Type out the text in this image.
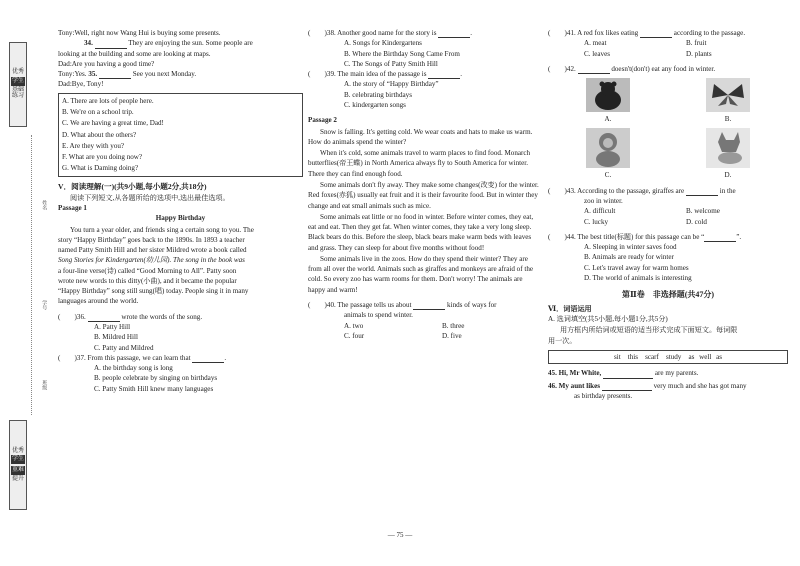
优秀
学生
基础
练习
姓名
学号
班级
优秀
学生
重难
提升

Tony:Well, right now Wang Hui is buying some presents.

34.	They are enjoying the sun. Some people are

looking at the building and some are looking at maps.

Dad:Are you having a good time?

Tony:Yes. 35.	See you next Monday.

Dad:Bye, Tony!

A. There are lots of people here.

B. We're on a school trip.

C. We are having a great time, Dad!

D. What about the others?

E. Are they with you?

F. What are you doing now?

G. What is Daming doing?

V．阅读理解(一)(共9小题,每小题2分,共18分)

阅读下列短文,从各题所给的选项中,选出最佳选项。

Passage 1

Happy Birthday

You turn a year older, and friends sing a certain song to you. The

story “Happy Birthday” goes back to the 1890s. In 1893 a teacher

named Patty Smith Hill and her sister Mildred wrote a book called

Song Stories for Kindergarten(幼儿园). The song in the book was

a four-line verse(诗) called “Good Morning to All”. Patty soon

wrote new words to this ditty(小曲), and it became the popular

“Happy Birthday” song still sung(唱) today. People sing it in many

languages around the world.

(　　)36.	wrote the words of the song.

A. Patty Hill

B. Mildred Hill

C. Patty and Mildred

(　　)37. From this passage, we can learn that	.

A. the birthday song is long

B. people celebrate by singing on birthdays

C. Patty Smith Hill knew many languages

(　　)38. Another good name for the story is	.

A. Songs for Kindergartens

B. Where the Birthday Song Came From

C. The Songs of Patty Smith Hill

(　　)39. The main idea of the passage is	.

A. the story of “Happy Birthday”

B. celebrating birthdays

C. kindergarten songs

Passage 2

Snow is falling. It's getting cold. We wear coats and hats to make us warm. How do animals spend the winter?

When it's cold, some animals travel to warm places to find food. Monarch butterflies(帝王蝶) in North America always fly to South America for winter. There they can find enough food.

Some animals don't fly away. They make some changes(改变) for the winter. Red foxes(赤狐) usually eat fruit and it is their favourite food. But in winter they change and eat small animals such as mice.

Some animals eat little or no food in winter. Before winter comes, they eat, eat and eat. Then they get fat. When winter comes, they take a very long sleep. Black bears do this. Before the sleep, black bears make warm beds with leaves and grass. They can sleep for about five months without food!

Some animals live in the zoos. How do they spend their winter? They are from all over the world. Animals such as giraffes and monkeys are afraid of the cold. So every zoo has warm rooms for them. Don't worry! The animals are happy and warm!

(　　)40. The passage tells us about	kinds of ways for

animals to spend winter.

A. two	B. three
C. four	D. five

(　　)41. A red fox likes eating	according to the passage.

A. meat	B. fruit
C. leaves	D. plants

(　　)42.	doesn't(don't) eat any food in winter.

A.	B.
C.	D.

(　　)43. According to the passage, giraffes are	in the

zoo in winter.

A. difficult	B. welcome
C. lucky	D. cold

(　　)44. The best title(标题) for this passage can be “	”.

A. Sleeping in winter saves food

B. Animals are ready for winter

C. Let's travel away for warm homes

D. The world of animals is interesting

第Ⅱ卷　非选择题(共47分)

Ⅵ．词语运用

A. 选词填空(共5小题,每小题1分,共5分)

用方框内所给词或短语的适当形式完成下面短文。每词限

用一次。

sit　this　scarf　study　as well as

45. Hi, Mr White,	are my parents.

46. My aunt likes	very much and she has got many

as birthday presents.

— 75 —
